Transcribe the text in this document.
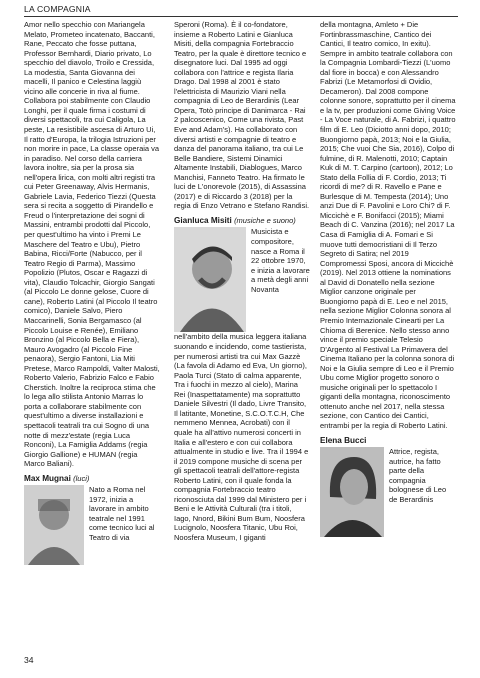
LA COMPAGNIA

Amor nello specchio con Mariangela Melato, Prometeo incatenato, Baccanti, Rane, Peccato che fosse puttana, Professor Bernhardi, Diario privato, Lo specchio del diavolo, Troilo e Cressida, La modestia, Santa Giovanna dei macelli, Il panico e Celestina laggiù vicino alle concerie in riva al fiume. Collabora poi stabilmente con Claudio Longhi, per il quale firma i costumi di diversi spettacoli, tra cui Caligola, La peste, La resistibile ascesa di Arturo Ui, Il ratto d'Europa, la trilogia Istruzioni per non morire in pace, La classe operaia va in paradiso. Nel corso della carriera lavora inoltre, sia per la prosa sia nell'opera lirica, con molti altri registi tra cui Peter Greenaway, Alvis Hermanis, Gabriele Lavia, Federico Tiezzi (Questa sera si recita a soggetto di Pirandello e Freud o l'interpretazione dei sogni di Massini, entrambi prodotti dal Piccolo, per quest'ultimo ha vinto i Premi Le Maschere del Teatro e Ubu), Pietro Babina, Ricci/Forte (Nabucco, per il Teatro Regio di Parma), Massimo Popolizio (Plutos, Oscar e Ragazzi di vita), Claudio Tolcachir, Giorgio Sangati (al Piccolo Le donne gelose, Cuore di cane), Roberto Latini (al Piccolo Il teatro comico), Daniele Salvo, Piero Maccarinelli, Sonia Bergamasco (al Piccolo Louise e Renée), Emiliano Bronzino (al Piccolo Bella e Fiera), Mauro Avogadro (al Piccolo Fine penaora), Sergio Fantoni, Lia Miti Pretese, Marco Rampoldi, Valter Malosti, Roberto Valerio, Fabrizio Falco e Fabio Cherstich. Inoltre la reciproca stima che lo lega allo stilista Antonio Marras lo porta a collaborare stabilmente con quest'ultimo a diverse installazioni e spettacoli teatrali tra cui Sogno di una notte di mezz'estate (regia Luca Ronconi), La Famiglia Addams (regia Giorgio Gallione) e HUMAN (regia Marco Baliani).

Max Mugnai (luci)

Nato a Roma nel 1972, inizia a lavorare in ambito teatrale nel 1991 come tecnico luci al Teatro di via

Speroni (Roma). È il co-fondatore, insieme a Roberto Latini e Gianluca Misiti, della compagnia Fortebraccio Teatro, per la quale è direttore tecnico e disegnatore luci. Dal 1995 ad oggi collabora con l'attrice e regista Ilaria Drago. Dal 1998 al 2001 è stato l'elettricista di Maurizio Viani nella compagnia di Leo de Berardinis (Lear Opera, Totò principe di Danimarca - Rai 2 palcoscenico, Come una rivista, Past Eve and Adam's). Ha collaborato con diversi artisti e compagnie di teatro e danza del panorama italiano, tra cui Le Belle Bandiere, Sistemi Dinamici Altamente Instabili, Diablogues, Marco Manchisi, Fanneto Teatro. Ha firmato le luci de L'onorevole (2015), di Assassina (2017) e di Riccardo 3 (2018) per la regia di Enzo Vetrano e Stefano Randisi.

Gianluca Misiti (musiche e suono)

Musicista e compositore, nasce a Roma il 22 ottobre 1970, e inizia a lavorare a metà degli anni Novanta

nell'ambito della musica leggera italiana suonando e incidendo, come tastierista, per numerosi artisti tra cui Max Gazzè (La favola di Adamo ed Eva, Un giorno), Paola Turci (Stato di calma apparente, Tra i fuochi in mezzo al cielo), Marina Rei (Inaspettatamente) ma soprattutto Daniele Silvestri (Il dado, Livre Transito, Il latitante, Monetine, S.C.O.T.C.H, Che nemmeno Mennea, Acrobati) con il quale ha all'attivo numerosi concerti in Italia e all'estero e con cui collabora attualmente in studio e live. Tra il 1994 e il 2019 compone musiche di scena per gli spettacoli teatrali dell'attore-regista Roberto Latini, con il quale fonda la compagnia Fortebraccio teatro riconosciuta dal 1999 dal Ministero per i Beni e le Attività Culturali (tra i titoli, Iago, Nnord, Bikini Bum Bum, Noosfera Lucignolo, Noosfera Titanic, Ubu Roi, Noosfera Museum, I giganti

della montagna, Amleto + Die Fortinbrassmaschine, Cantico dei Cantici, Il teatro comico, In exitu). Sempre in ambito teatrale collabora con la Compagnia Lombardi-Tiezzi (L'uomo dal fiore in bocca) e con Alessandro Fabrizi (Le Metamorfosi di Ovidio, Decameron). Dal 2008 compone colonne sonore, soprattutto per il cinema e la tv, per produzioni come Giving Voice - La Voce naturale, di A. Fabrizi, i quattro film di E. Leo (Diciotto anni dopo, 2010; Buongiorno papà, 2013; Noi e la Giulia, 2015; Che vuoi Che Sia, 2016), Colpo di fulmine, di R. Malenotti, 2010; Captain Kuk di M. T. Carpino (cartoon), 2012; Lo Stato della Follia di F. Cordio, 2013; Ti ricordi di me? di R. Ravello e Pane e Burlesque di M. Tempesta (2014); Uno anzi Due di F. Pavolini e Loro Chi? di F. Miccichè e F. Bonifacci (2015); Miami Beach di C. Vanzina (2016); nel 2017 La Casa di Famiglia di A. Fomari e Si muove tutti democristiani di Il Terzo Segreto di Satira; nel 2019 Compromessi Sposi, ancora di Miccichè (2019). Nel 2013 ottiene la nominations al David di Donatello nella sezione Miglior canzone originale per Buongiorno papà di E. Leo e nel 2015, nella sezione Miglior Colonna sonora al Premio Internazionale Cinearti per La Chioma di Berenice. Nello stesso anno vince il premio speciale Telesio D'Argento al Festival La Primavera del Cinema Italiano per la colonna sonora di Noi e la Giulia sempre di Leo e il Premio Ubu come Miglior progetto sonoro o musiche originali per lo spettacolo I giganti della montagna, riconoscimento ottenuto anche nel 2017, nella stessa sezione, con Cantico dei Cantici, entrambi per la regia di Roberto Latini.

Elena Bucci

Attrice, regista, autrice, ha fatto parte della compagnia bolognese di Leo de Berardinis
34
